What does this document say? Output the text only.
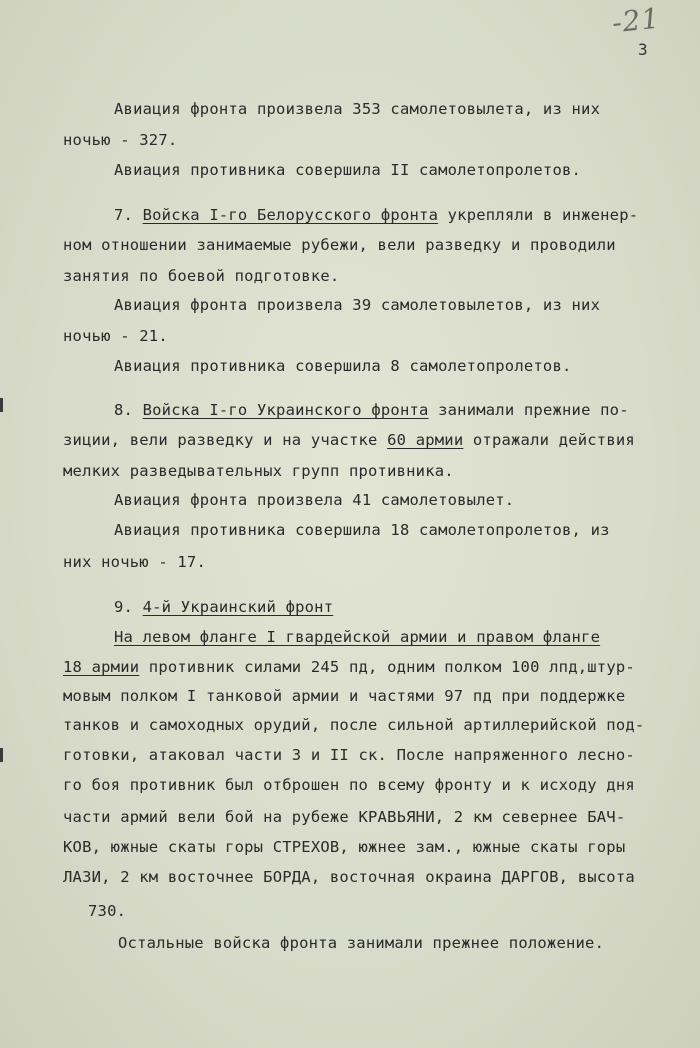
-21
3
Авиация фронта произвела 353 самолетовылета, из них
ночью - 327.
Авиация противника совершила II самолетопролетов.
7. Войска I-го Белорусского фронта укрепляли в инженер-
ном отношении занимаемые рубежи, вели разведку и проводили
занятия по боевой подготовке.
Авиация фронта произвела 39 самолетовылетов, из них
ночью - 21.
Авиация противника совершила 8 самолетопролетов.
8. Войска I-го Украинского фронта занимали прежние по-
зиции, вели разведку и на участке 60 армии отражали действия
мелких разведывательных групп противника.
Авиация фронта произвела 41 самолетовылет.
Авиация противника совершила 18 самолетопролетов, из
них ночью - 17.
9. 4-й Украинский фронт
На левом фланге I гвардейской армии и правом фланге
18 армии противник силами 245 пд, одним полком 100 лпд,штур-
мовым полком I танковой армии и частями 97 пд при поддержке
танков и самоходных орудий, после сильной артиллерийской под-
готовки, атаковал части 3 и II ск. После напряженного лесно-
го боя противник был отброшен по всему фронту и к исходу дня
части армий вели бой на рубеже КРАВЬЯНИ, 2 км севернее БАЧ-
КОВ, южные скаты горы СТРЕХОВ, южнее зам., южные скаты горы
ЛАЗИ, 2 км восточнее БОРДА, восточная окраина ДАРГОВ, высота
730.
Остальные войска фронта занимали прежнее положение.
